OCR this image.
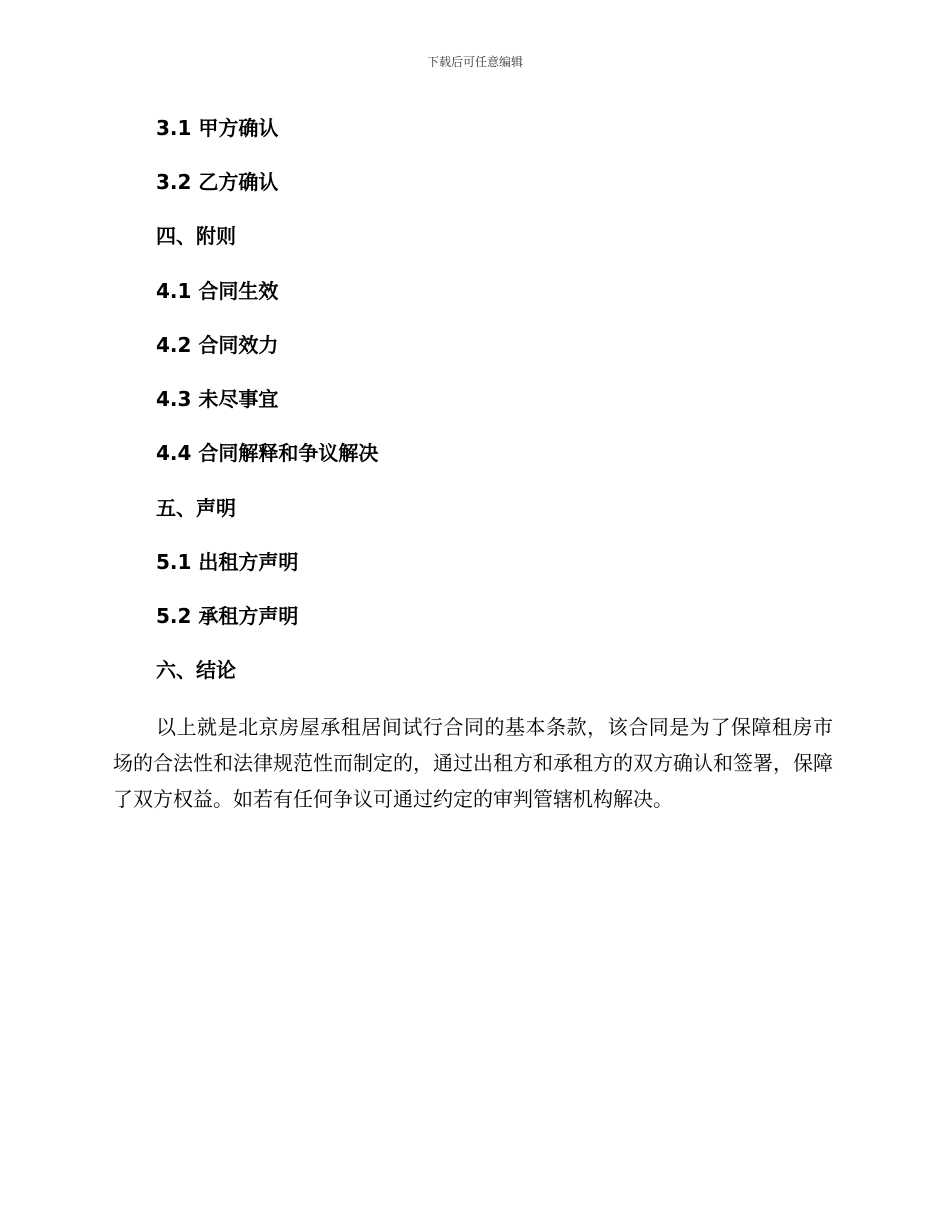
下载后可任意编辑
3.1 甲方确认
3.2 乙方确认
四、附则
4.1 合同生效
4.2 合同效力
4.3 未尽事宜
4.4 合同解释和争议解决
五、声明
5.1 出租方声明
5.2 承租方声明
六、结论

以上就是北京房屋承租居间试行合同的基本条款，该合同是为了保障租房市场的合法性和法律规范性而制定的，通过出租方和承租方的双方确认和签署，保障了双方权益。如若有任何争议可通过约定的审判管辖机构解决。
